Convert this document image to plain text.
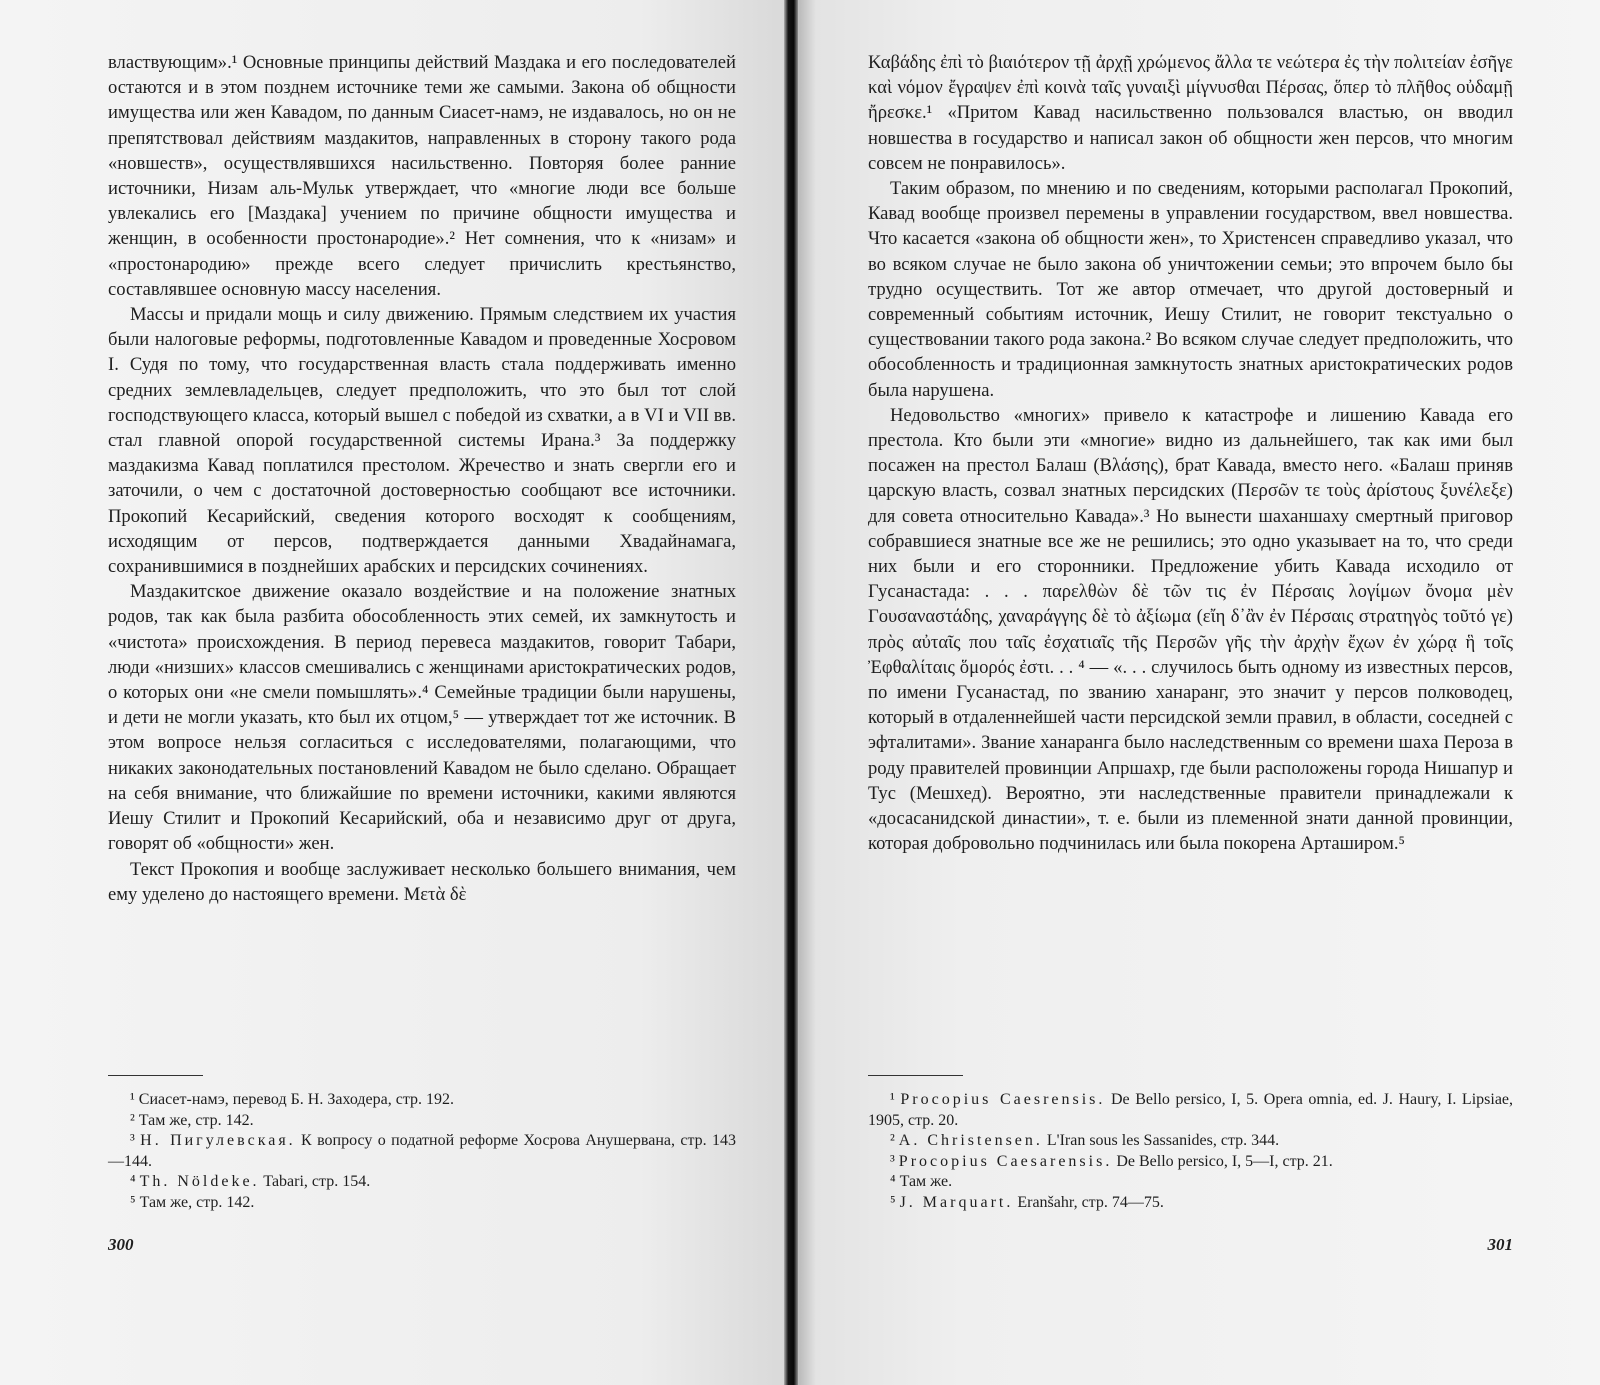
властвующим».¹ Основные принципы действий Маздака и его последователей остаются и в этом позднем источнике теми же самыми. Закона об общности имущества или жен Кавадом, по данным Сиасет-намэ, не издавалось, но он не препятствовал действиям маздакитов, направленных в сторону такого рода «новшеств», осуществлявшихся насильственно. Повторяя более ранние источники, Низам аль-Мульк утверждает, что «многие люди все больше увлекались его [Маздака] учением по причине общности имущества и женщин, в особенности простонародие».² Нет сомнения, что к «низам» и «простонародию» прежде всего следует причислить крестьянство, составлявшее основную массу населения.

Массы и придали мощь и силу движению. Прямым следствием их участия были налоговые реформы, подготовленные Кавадом и проведенные Хосровом I. Судя по тому, что государственная власть стала поддерживать именно средних землевладельцев, следует предположить, что это был тот слой господствующего класса, который вышел с победой из схватки, а в VI и VII вв. стал главной опорой государственной системы Ирана.³ За поддержку маздакизма Кавад поплатился престолом. Жречество и знать свергли его и заточили, о чем с достаточной достоверностью сообщают все источники. Прокопий Кесарийский, сведения которого восходят к сообщениям, исходящим от персов, подтверждается данными Хвадайнамага, сохранившимися в позднейших арабских и персидских сочинениях.

Маздакитское движение оказало воздействие и на положение знатных родов, так как была разбита обособленность этих семей, их замкнутость и «чистота» происхождения. В период перевеса маздакитов, говорит Табари, люди «низших» классов смешивались с женщинами аристократических родов, о которых они «не смели помышлять».⁴ Семейные традиции были нарушены, и дети не могли указать, кто был их отцом,⁵ — утверждает тот же источник. В этом вопросе нельзя согласиться с исследователями, полагающими, что никаких законодательных постановлений Кавадом не было сделано. Обращает на себя внимание, что ближайшие по времени источники, какими являются Иешу Стилит и Прокопий Кесарийский, оба и независимо друг от друга, говорят об «общности» жен.

Текст Прокопия и вообще заслуживает несколько большего внимания, чем ему уделено до настоящего времени. Μετὰ δὲ

¹ Сиасет-намэ, перевод Б. Н. Заходера, стр. 192.

² Там же, стр. 142.

³ Н. Пигулевская. К вопросу о податной реформе Хосрова Анушервана, стр. 143—144.

⁴ Th. Nöldeke. Tabari, стр. 154.

⁵ Там же, стр. 142.

300

Καβάδης ἐπὶ τὸ βιαιότερον τῇ ἀρχῇ χρώμενος ἄλλα τε νεώτερα ἐς τὴν πολιτείαν ἐσῆγε καὶ νόμον ἔγραψεν ἐπὶ κοινὰ ταῖς γυναιξὶ μίγνυσθαι Πέρσας, ὅπερ τὸ πλῆθος οὐδαμῇ ἤρεσκε.¹ «Притом Кавад насильственно пользовался властью, он вводил новшества в государство и написал закон об общности жен персов, что многим совсем не понравилось».

Таким образом, по мнению и по сведениям, которыми располагал Прокопий, Кавад вообще произвел перемены в управлении государством, ввел новшества. Что касается «закона об общности жен», то Христенсен справедливо указал, что во всяком случае не было закона об уничтожении семьи; это впрочем было бы трудно осуществить. Тот же автор отмечает, что другой достоверный и современный событиям источник, Иешу Стилит, не говорит текстуально о существовании такого рода закона.² Во всяком случае следует предположить, что обособленность и традиционная замкнутость знатных аристократических родов была нарушена.

Недовольство «многих» привело к катастрофе и лишению Кавада его престола. Кто были эти «многие» видно из дальнейшего, так как ими был посажен на престол Балаш (Βλάσης), брат Кавада, вместо него. «Балаш приняв царскую власть, созвал знатных персидских (Περσῶν τε τοὺς ἀρίστους ξυνέλεξε) для совета относительно Кавада».³ Но вынести шаханшаху смертный приговор собравшиеся знатные все же не решились; это одно указывает на то, что среди них были и его сторонники. Предложение убить Кавада исходило от Гусанастада: . . . παρελθὼν δὲ τῶν τις ἐν Πέρσαις λογίμων ὄνομα μὲν Γουσαναστάδης, χαναράγγης δὲ τὸ ἀξίωμα (εἴη δ᾽ἂν ἐν Πέρσαις στρατηγὸς τοῦτό γε) πρὸς αὐταῖς που ταῖς ἐσχατιαῖς τῆς Περσῶν γῆς τὴν ἀρχὴν ἔχων ἐν χώρᾳ ἣ τοῖς Ἐφθαλίταις ὅμορός ἐστι. . . ⁴ — «. . . случилось быть одному из известных персов, по имени Гусанастад, по званию ханаранг, это значит у персов полководец, который в отдаленнейшей части персидской земли правил, в области, соседней с эфталитами». Звание ханаранга было наследственным со времени шаха Пероза в роду правителей провинции Апршахр, где были расположены города Нишапур и Тус (Мешхед). Вероятно, эти наследственные правители принадлежали к «досасанидской династии», т. е. были из племенной знати данной провинции, которая добровольно подчинилась или была покорена Арташиром.⁵

¹ Procopius Caesrensis. De Bello persico, I, 5. Opera omnia, ed. J. Haury, I. Lipsiae, 1905, стр. 20.

² A. Christensen. L'Iran sous les Sassanides, стр. 344.

³ Procopius Caesarensis. De Bello persico, I, 5—I, стр. 21.

⁴ Там же.

⁵ J. Marquart. Eranšahr, стр. 74—75.

301
